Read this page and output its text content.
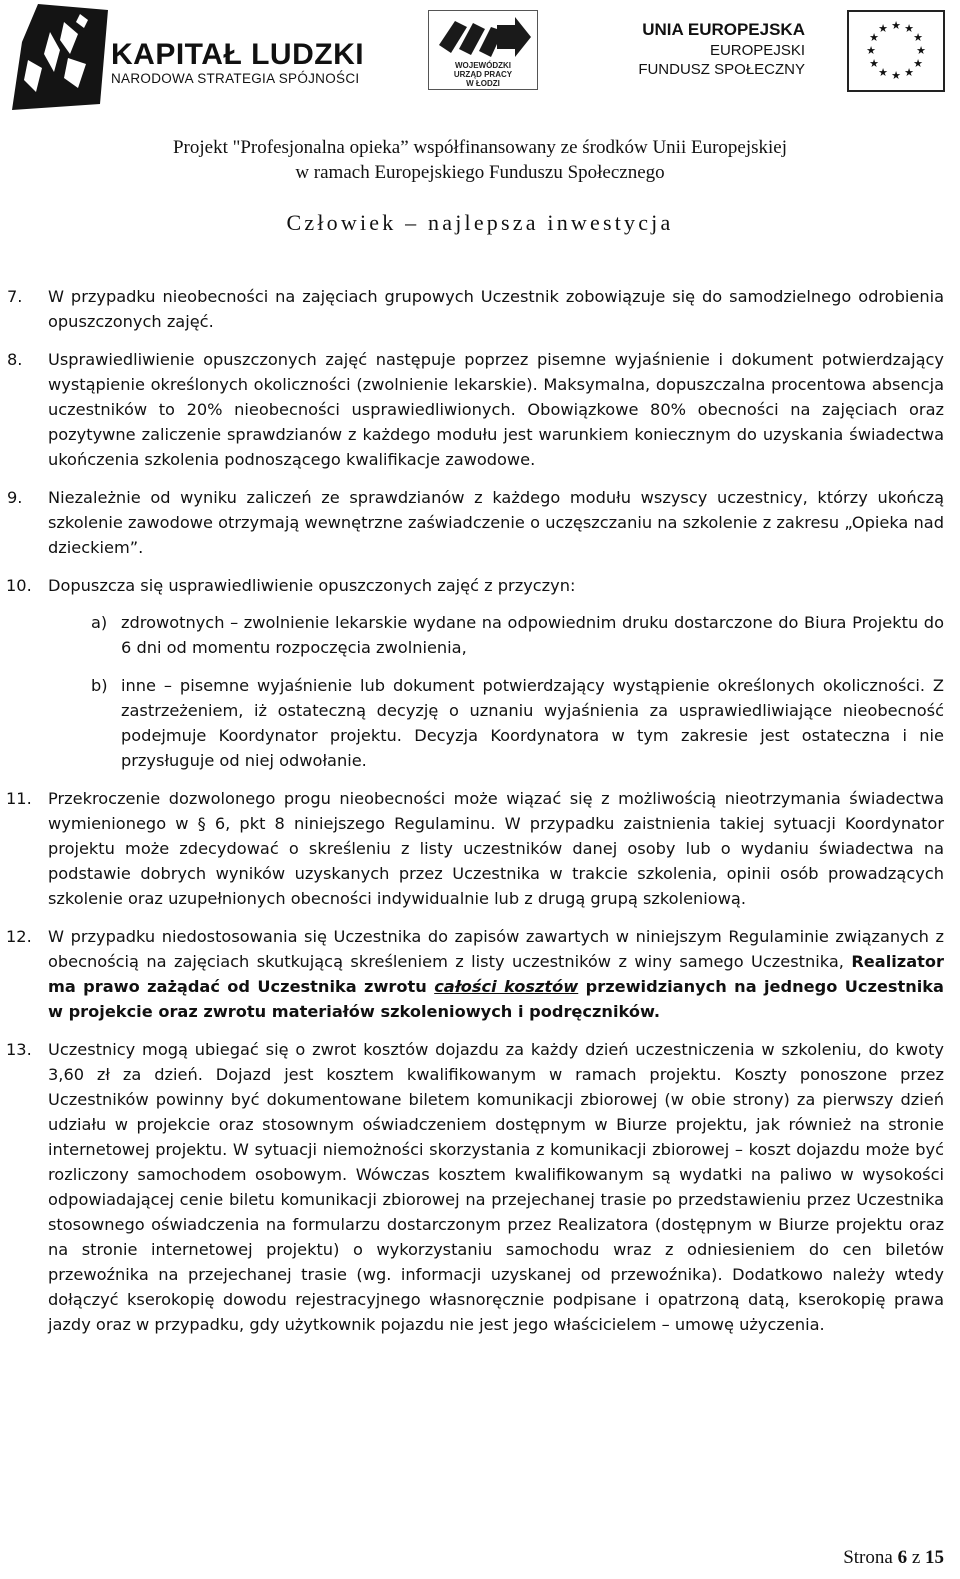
KAPITAŁ LUDZKI
NARODOWA STRATEGIA SPÓJNOŚCI
WOJEWÓDZKI
URZĄD PRACY
W ŁODZI
UNIA EUROPEJSKA
EUROPEJSKI
FUNDUSZ SPOŁECZNY
★ ★
★
★
★
★
★
★
★
★
★
★
Projekt "Profesjonalna opieka” współfinansowany ze środków Unii Europejskiej
w ramach Europejskiego Funduszu Społecznego
Człowiek – najlepsza inwestycja
7. W przypadku nieobecności na zajęciach grupowych Uczestnik zobowiązuje się do samodzielnego odrobienia opuszczonych zajęć.
8. Usprawiedliwienie opuszczonych zajęć następuje poprzez pisemne wyjaśnienie i dokument potwierdzający wystąpienie określonych okoliczności (zwolnienie lekarskie). Maksymalna, dopuszczalna procentowa absencja uczestników to 20% nieobecności usprawiedliwionych. Obowiązkowe 80% obecności na zajęciach oraz pozytywne zaliczenie sprawdzianów z każdego modułu jest warunkiem koniecznym do uzyskania świadectwa ukończenia szkolenia podnoszącego kwalifikacje zawodowe.
9. Niezależnie od wyniku zaliczeń ze sprawdzianów z każdego modułu wszyscy uczestnicy, którzy ukończą szkolenie zawodowe otrzymają wewnętrzne zaświadczenie o uczęszczaniu na szkolenie z zakresu „Opieka nad dzieckiem”.
10. Dopuszcza się usprawiedliwienie opuszczonych zajęć z przyczyn:
a) zdrowotnych – zwolnienie lekarskie wydane na odpowiednim druku dostarczone do Biura Projektu do 6 dni od momentu rozpoczęcia zwolnienia,
b) inne – pisemne wyjaśnienie lub dokument potwierdzający wystąpienie określonych okoliczności. Z zastrzeżeniem, iż ostateczną decyzję o uznaniu wyjaśnienia za usprawiedliwiające nieobecność podejmuje Koordynator projektu. Decyzja Koordynatora w tym zakresie jest ostateczna i nie przysługuje od niej odwołanie.
11. Przekroczenie dozwolonego progu nieobecności może wiązać się z możliwością nieotrzymania świadectwa wymienionego w § 6, pkt 8 niniejszego Regulaminu. W przypadku zaistnienia takiej sytuacji Koordynator projektu może zdecydować o skreśleniu z listy uczestników danej osoby lub o wydaniu świadectwa na podstawie dobrych wyników uzyskanych przez Uczestnika w trakcie szkolenia, opinii osób prowadzących szkolenie oraz uzupełnionych obecności indywidualnie lub z drugą grupą szkoleniową.
12. W przypadku niedostosowania się Uczestnika do zapisów zawartych w niniejszym Regulaminie związanych z obecnością na zajęciach skutkującą skreśleniem z listy uczestników z winy samego Uczestnika, Realizator ma prawo zażądać od Uczestnika zwrotu całości kosztów przewidzianych na jednego Uczestnika w projekcie oraz zwrotu materiałów szkoleniowych i podręczników.
13. Uczestnicy mogą ubiegać się o zwrot kosztów dojazdu za każdy dzień uczestniczenia w szkoleniu, do kwoty 3,60 zł za dzień. Dojazd jest kosztem kwalifikowanym w ramach projektu. Koszty ponoszone przez Uczestników powinny być dokumentowane biletem komunikacji zbiorowej (w obie strony) za pierwszy dzień udziału w projekcie oraz stosownym oświadczeniem dostępnym w Biurze projektu, jak również na stronie internetowej projektu. W sytuacji niemożności skorzystania z komunikacji zbiorowej – koszt dojazdu może być rozliczony samochodem osobowym. Wówczas kosztem kwalifikowanym są wydatki na paliwo w wysokości odpowiadającej cenie biletu komunikacji zbiorowej na przejechanej trasie po przedstawieniu przez Uczestnika stosownego oświadczenia na formularzu dostarczonym przez Realizatora (dostępnym w Biurze projektu oraz na stronie internetowej projektu) o wykorzystaniu samochodu wraz z odniesieniem do cen biletów przewoźnika na przejechanej trasie (wg. informacji uzyskanej od przewoźnika). Dodatkowo należy wtedy dołączyć kserokopię dowodu rejestracyjnego własnoręcznie podpisane i opatrzoną datą, kserokopię prawa jazdy oraz w przypadku, gdy użytkownik pojazdu nie jest jego właścicielem – umowę użyczenia.
Strona 6 z 15
